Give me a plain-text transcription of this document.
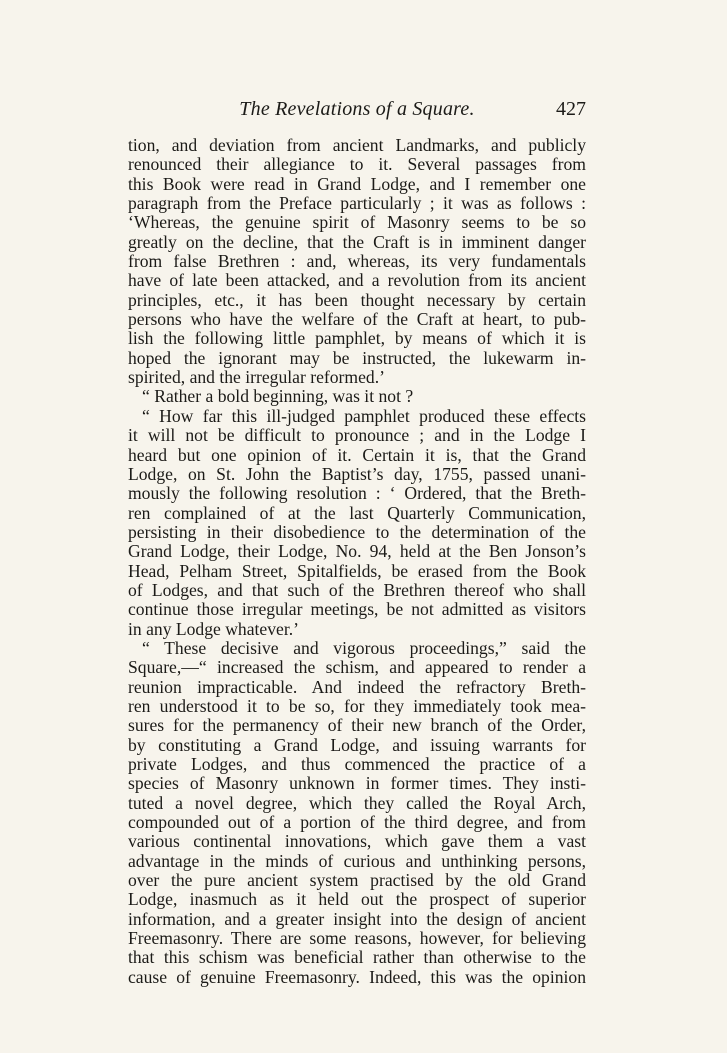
The Revelations of a Square.	427
tion, and deviation from ancient Landmarks, and publicly
renounced their allegiance to it. Several passages from
this Book were read in Grand Lodge, and I remember one
paragraph from the Preface particularly ; it was as follows :
‘Whereas, the genuine spirit of Masonry seems to be so
greatly on the decline, that the Craft is in imminent danger
from false Brethren : and, whereas, its very fundamentals
have of late been attacked, and a revolution from its ancient
principles, etc., it has been thought necessary by certain
persons who have the welfare of the Craft at heart, to pub-
lish the following little pamphlet, by means of which it is
hoped the ignorant may be instructed, the lukewarm in-
spirited, and the irregular reformed.’
“ Rather a bold beginning, was it not ?
“ How far this ill-judged pamphlet produced these effects
it will not be difficult to pronounce ; and in the Lodge I
heard but one opinion of it. Certain it is, that the Grand
Lodge, on St. John the Baptist’s day, 1755, passed unani-
mously the following resolution : ‘ Ordered, that the Breth-
ren complained of at the last Quarterly Communication,
persisting in their disobedience to the determination of the
Grand Lodge, their Lodge, No. 94, held at the Ben Jonson’s
Head, Pelham Street, Spitalfields, be erased from the Book
of Lodges, and that such of the Brethren thereof who shall
continue those irregular meetings, be not admitted as visitors
in any Lodge whatever.’
“ These decisive and vigorous proceedings,” said the
Square,—“ increased the schism, and appeared to render a
reunion impracticable. And indeed the refractory Breth-
ren understood it to be so, for they immediately took mea-
sures for the permanency of their new branch of the Order,
by constituting a Grand Lodge, and issuing warrants for
private Lodges, and thus commenced the practice of a
species of Masonry unknown in former times. They insti-
tuted a novel degree, which they called the Royal Arch,
compounded out of a portion of the third degree, and from
various continental innovations, which gave them a vast
advantage in the minds of curious and unthinking persons,
over the pure ancient system practised by the old Grand
Lodge, inasmuch as it held out the prospect of superior
information, and a greater insight into the design of ancient
Freemasonry. There are some reasons, however, for believing
that this schism was beneficial rather than otherwise to the
cause of genuine Freemasonry. Indeed, this was the opinion
